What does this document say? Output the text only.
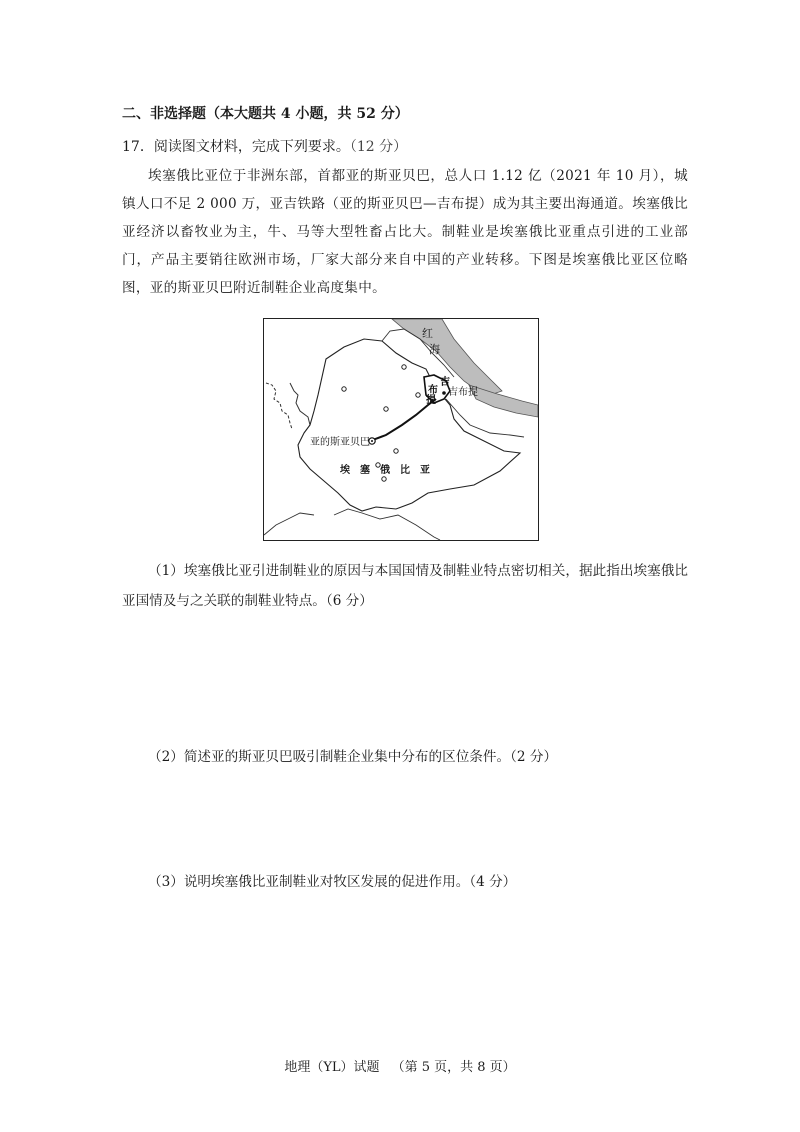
二、非选择题（本大题共 4 小题，共 52 分）
17．阅读图文材料，完成下列要求。（12 分）
埃塞俄比亚位于非洲东部，首都亚的斯亚贝巴，总人口 1.12 亿（2021 年 10 月），城镇人口不足 2 000 万，亚吉铁路（亚的斯亚贝巴—吉布提）成为其主要出海通道。埃塞俄比亚经济以畜牧业为主，牛、马等大型牲畜占比大。制鞋业是埃塞俄比亚重点引进的工业部门，产品主要销往欧洲市场，厂家大部分来自中国的产业转移。下图是埃塞俄比亚区位略图，亚的斯亚贝巴附近制鞋企业高度集中。
红
海
吉
布
提
吉布提
亚的斯亚贝巴
埃　塞　俄　比　亚
（1）埃塞俄比亚引进制鞋业的原因与本国国情及制鞋业特点密切相关，据此指出埃塞俄比亚国情及与之关联的制鞋业特点。（6 分）
（2）简述亚的斯亚贝巴吸引制鞋企业集中分布的区位条件。（2 分）
（3）说明埃塞俄比亚制鞋业对牧区发展的促进作用。（4 分）
地理（YL）试题 （第 5 页，共 8 页）
